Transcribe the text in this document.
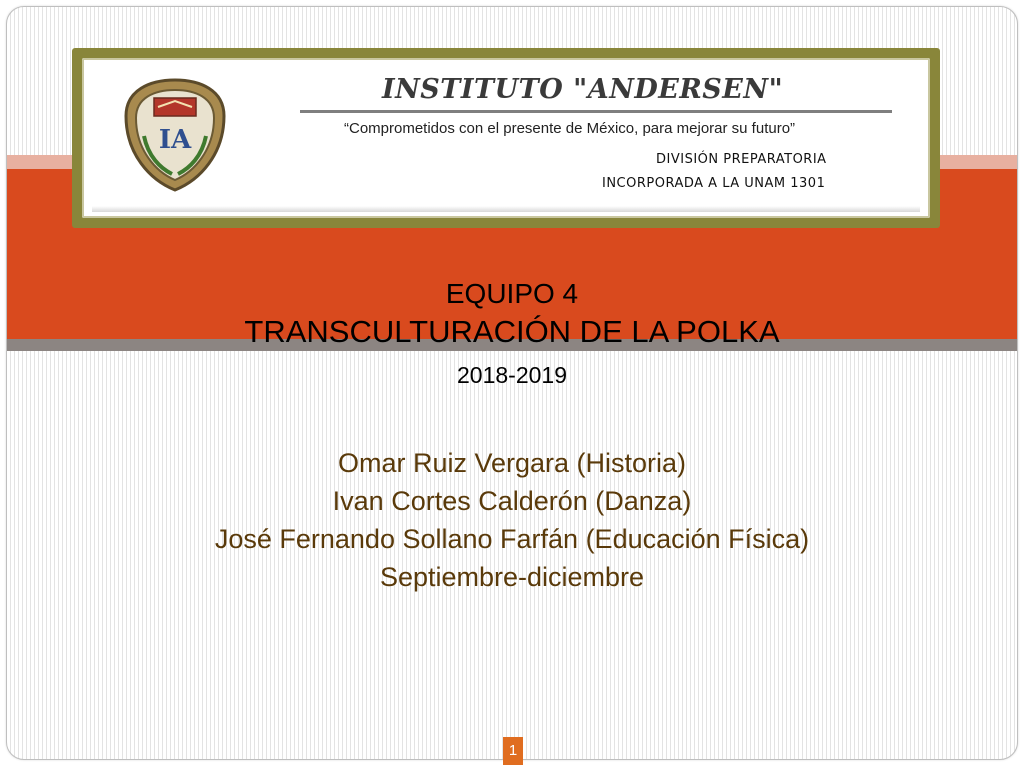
IA
INSTITUTO "ANDERSEN"
“Comprometidos con el presente de México, para mejorar su futuro”
DIVISIÓN PREPARATORIA
INCORPORADA A LA UNAM 1301
EQUIPO 4
TRANSCULTURACIÓN DE LA POLKA
2018-2019
Omar Ruiz Vergara (Historia)
Ivan Cortes Calderón (Danza)
José Fernando Sollano Farfán (Educación Física)
Septiembre-diciembre
1
